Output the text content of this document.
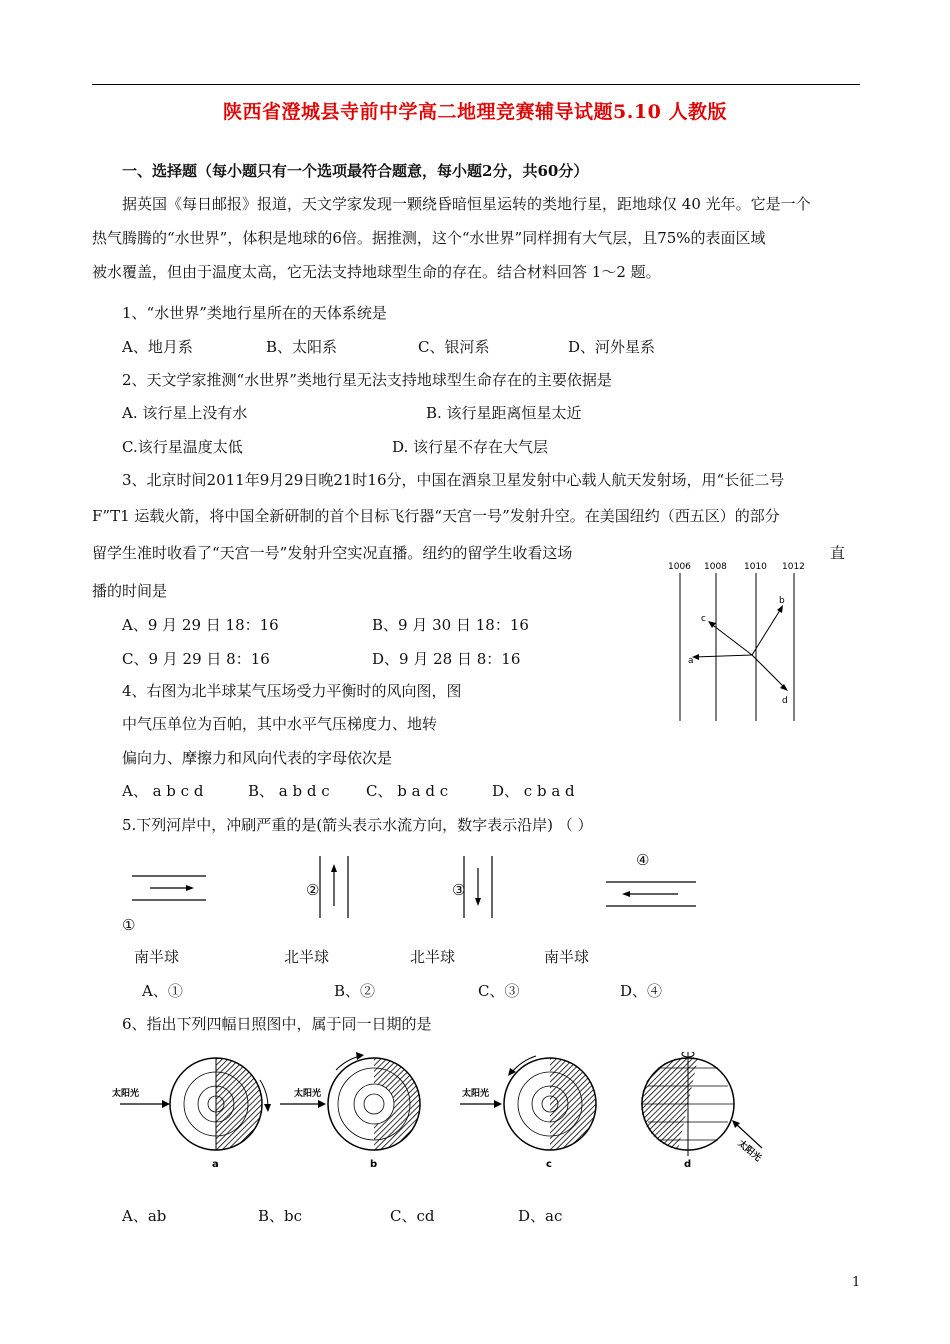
陕西省澄城县寺前中学高二地理竞赛辅导试题5.10 人教版
一、选择题（每小题只有一个选项最符合题意，每小题2分，共60分）
据英国《每日邮报》报道，天文学家发现一颗绕昏暗恒星运转的类地行星，距地球仅 40 光年。它是一个
热气腾腾的“水世界”，体积是地球的6倍。据推测，这个“水世界”同样拥有大气层，且75%的表面区域
被水覆盖，但由于温度太高，它无法支持地球型生命的存在。结合材料回答 1～2 题。
1、“水世界”类地行星所在的天体系统是
A、地月系	B、太阳系	C、银河系	D、河外星系
2、天文学家推测“水世界”类地行星无法支持地球型生命存在的主要依据是
A. 该行星上没有水	B. 该行星距离恒星太近
C.该行星温度太低	D. 该行星不存在大气层
3、北京时间2011年9月29日晚21时16分，中国在酒泉卫星发射中心载人航天发射场，用“长征二号
F”T1 运载火箭，将中国全新研制的首个目标飞行器“天宫一号”发射升空。在美国纽约（西五区）的部分
留学生准时收看了“天宫一号”发射升空实况直播。纽约的留学生收看这场	直
播的时间是
A、9 月 29 日 18：16	B、9 月 30 日 18：16
C、9 月 29 日 8：16	D、9 月 28 日 8：16
1006 1008 1010 1012
a
b
c
d
4、右图为北半球某气压场受力平衡时的风向图，图
中气压单位为百帕，其中水平气压梯度力、地转
偏向力、摩擦力和风向代表的字母依次是
A、 a b c d	B、 a b d c C、 b a d c	D、 c b a d
5.下列河岸中，冲刷严重的是(箭头表示水流方向，数字表示沿岸) （ ）
①
②	③
④
南半球	北半球	北半球	南半球
A、①	B、②	C、③	D、④
6、指出下列四幅日照图中，属于同一日期的是
太阳光
a
太阳光
b
太阳光
c
太阳光
d
A、ab	B、bc	C、cd	D、ac
1
